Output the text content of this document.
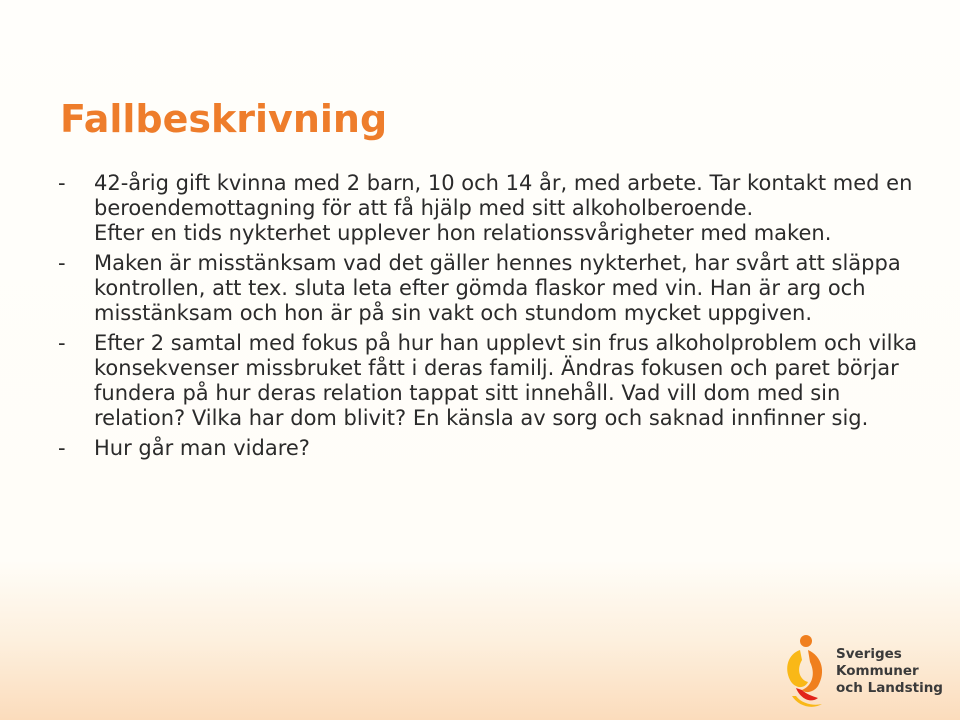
Fallbeskrivning
-	42-årig gift kvinna med 2 barn, 10 och 14 år, med arbete. Tar kontakt med en beroendemottagning för att få hjälp med sitt alkoholberoende.
Efter en tids nykterhet upplever hon relationssvårigheter med maken.
-	Maken är misstänksam vad det gäller hennes nykterhet, har svårt att släppa kontrollen, att tex. sluta leta efter gömda flaskor med vin. Han är arg och misstänksam och hon är på sin vakt och stundom mycket uppgiven.
-	Efter 2 samtal med fokus på hur han upplevt sin frus alkoholproblem och vilka konsekvenser missbruket fått i deras familj. Ändras fokusen och paret börjar fundera på hur deras relation tappat sitt innehåll. Vad vill dom med sin relation? Vilka har dom blivit? En känsla av sorg och saknad innfinner sig.
-	Hur går man vidare?
Sveriges
Kommuner
och Landsting
